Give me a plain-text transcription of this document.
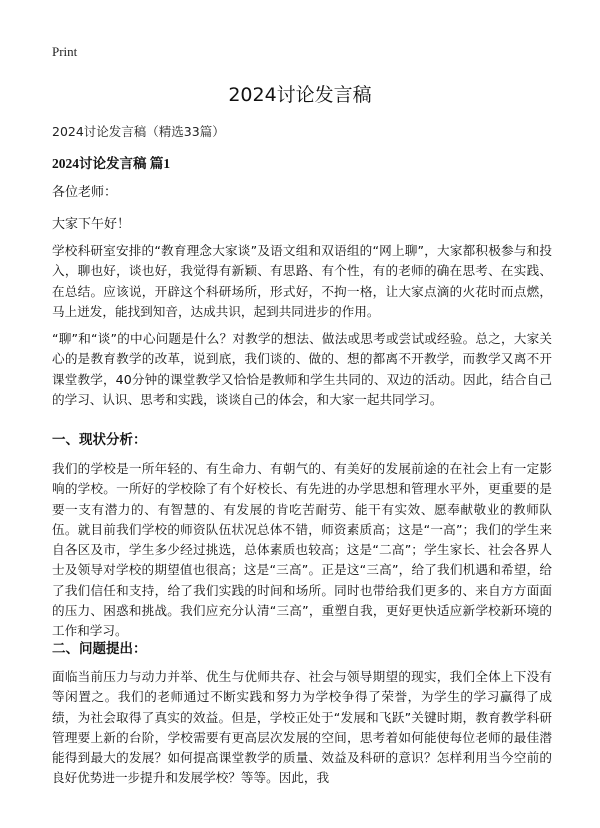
Print
2024讨论发言稿
2024讨论发言稿（精选33篇）
2024讨论发言稿 篇1
各位老师：
大家下午好！
学校科研室安排的“教育理念大家谈”及语文组和双语组的“网上聊”，大家都积极参与和投入，聊也好，谈也好，我觉得有新颖、有思路、有个性，有的老师的确在思考、在实践、在总结。应该说，开辟这个科研场所，形式好，不拘一格，让大家点滴的火花时而点燃，马上迸发，能找到知音，达成共识，起到共同进步的作用。
“聊”和“谈”的中心问题是什么？对教学的想法、做法或思考或尝试或经验。总之，大家关心的是教育教学的改革，说到底，我们谈的、做的、想的都离不开教学，而教学又离不开课堂教学，40分钟的课堂教学又恰恰是教师和学生共同的、双边的活动。因此，结合自己的学习、认识、思考和实践，谈谈自己的体会，和大家一起共同学习。
一、现状分析：
我们的学校是一所年轻的、有生命力、有朝气的、有美好的发展前途的在社会上有一定影响的学校。一所好的学校除了有个好校长、有先进的办学思想和管理水平外，更重要的是要一支有潜力的、有智慧的、有发展的肯吃苦耐劳、能干有实效、愿奉献敬业的教师队伍。就目前我们学校的师资队伍状况总体不错，师资素质高；这是“一高”；我们的学生来自各区及市，学生多少经过挑选，总体素质也较高；这是“二高”；学生家长、社会各界人士及领导对学校的期望值也很高；这是“三高”。正是这“三高”，给了我们机遇和希望，给了我们信任和支持，给了我们实践的时间和场所。同时也带给我们更多的、来自方方面面的压力、困惑和挑战。我们应充分认清“三高”，重塑自我，更好更快适应新学校新环境的工作和学习。
二、问题提出：
面临当前压力与动力并举、优生与优师共存、社会与领导期望的现实，我们全体上下没有等闲置之。我们的老师通过不断实践和努力为学校争得了荣誉，为学生的学习赢得了成绩，为社会取得了真实的效益。但是，学校正处于“发展和飞跃”关键时期，教育教学科研管理要上新的台阶，学校需要有更高层次发展的空间，思考着如何能使每位老师的最佳潜能得到最大的发展？如何提高课堂教学的质量、效益及科研的意识？怎样利用当今空前的良好优势进一步提升和发展学校？等等。因此，我
